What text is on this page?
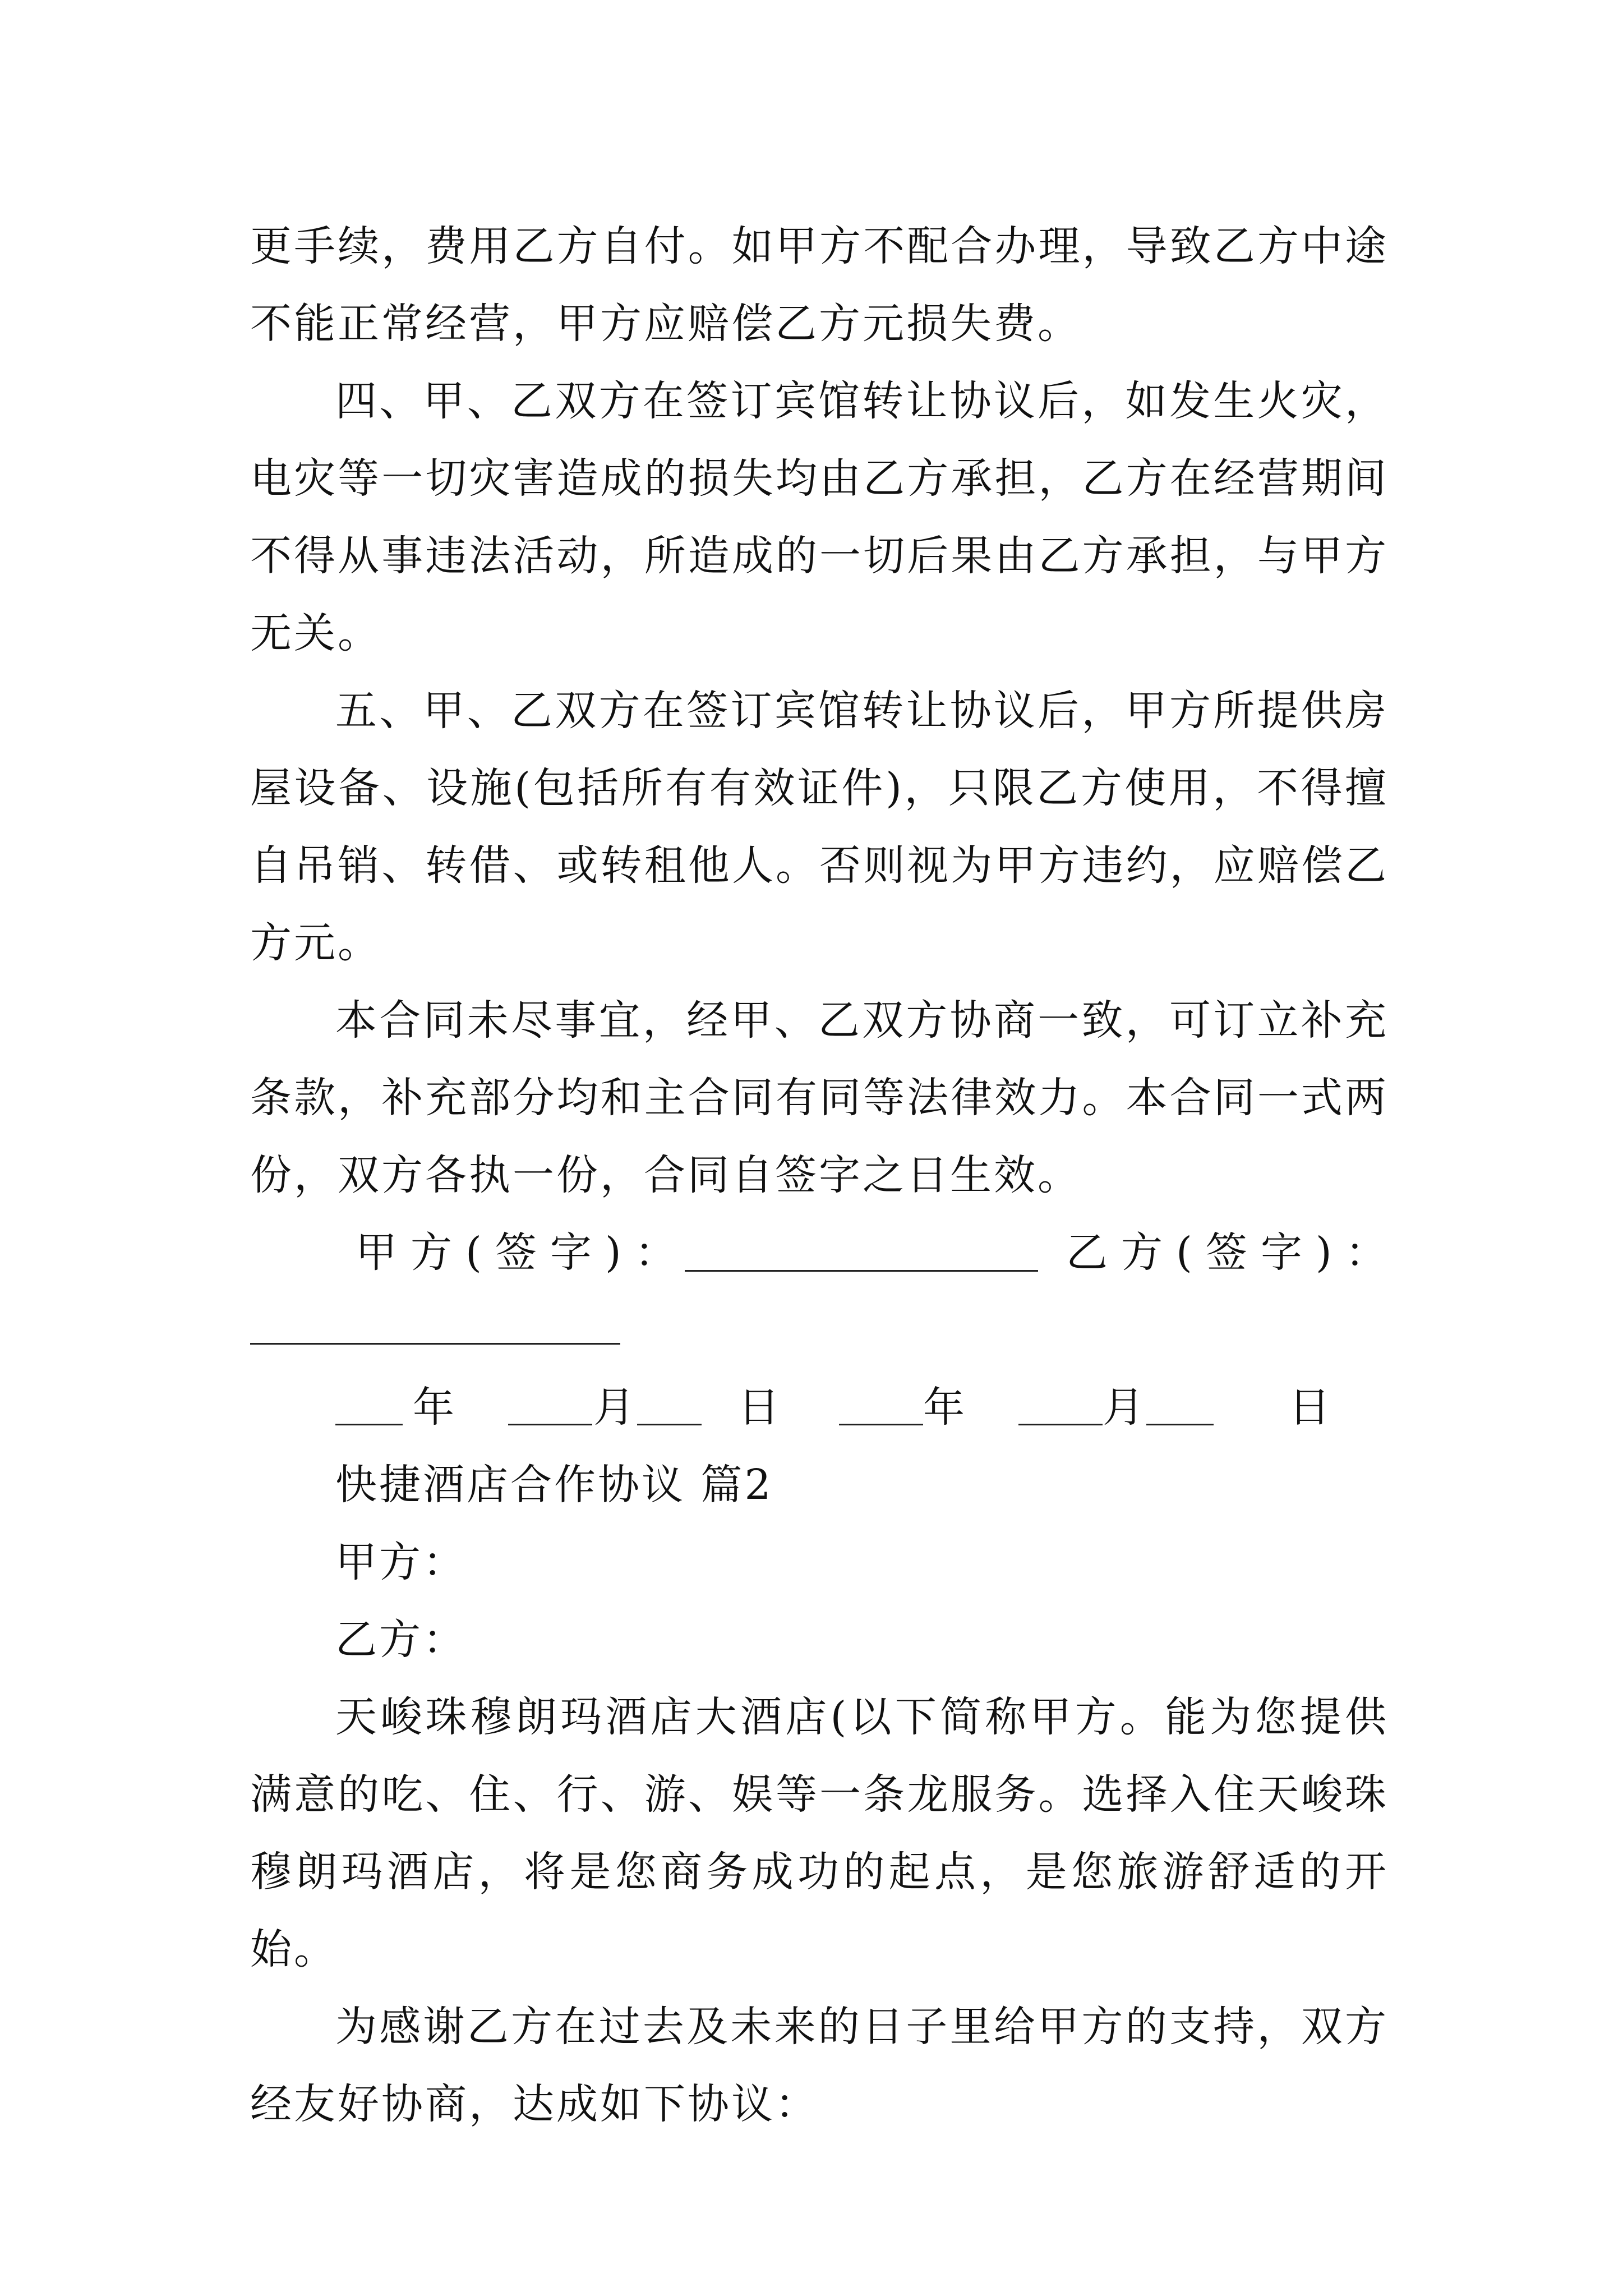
更手续，费用乙方自付。如甲方不配合办理，导致乙方中途不能正常经营，甲方应赔偿乙方元损失费。

四、甲、乙双方在签订宾馆转让协议后，如发生火灾，电灾等一切灾害造成的损失均由乙方承担，乙方在经营期间不得从事违法活动，所造成的一切后果由乙方承担，与甲方无关。

五、甲、乙双方在签订宾馆转让协议后，甲方所提供房屋设备、设施(包括所有有效证件)，只限乙方使用，不得擅自吊销、转借、或转租他人。否则视为甲方违约，应赔偿乙方元。

本合同未尽事宜，经甲、乙双方协商一致，可订立补充条款，补充部分均和主合同有同等法律效力。本合同一式两份，双方各执一份，合同自签字之日生效。

甲方(签字)：	乙方(签字)：
年	月 日	年	月	日

快捷酒店合作协议 篇2

甲方：

乙方：

天峻珠穆朗玛酒店大酒店(以下简称甲方。能为您提供满意的吃、住、行、游、娱等一条龙服务。选择入住天峻珠穆朗玛酒店，将是您商务成功的起点，是您旅游舒适的开始。

为感谢乙方在过去及未来的日子里给甲方的支持，双方经友好协商，达成如下协议：
